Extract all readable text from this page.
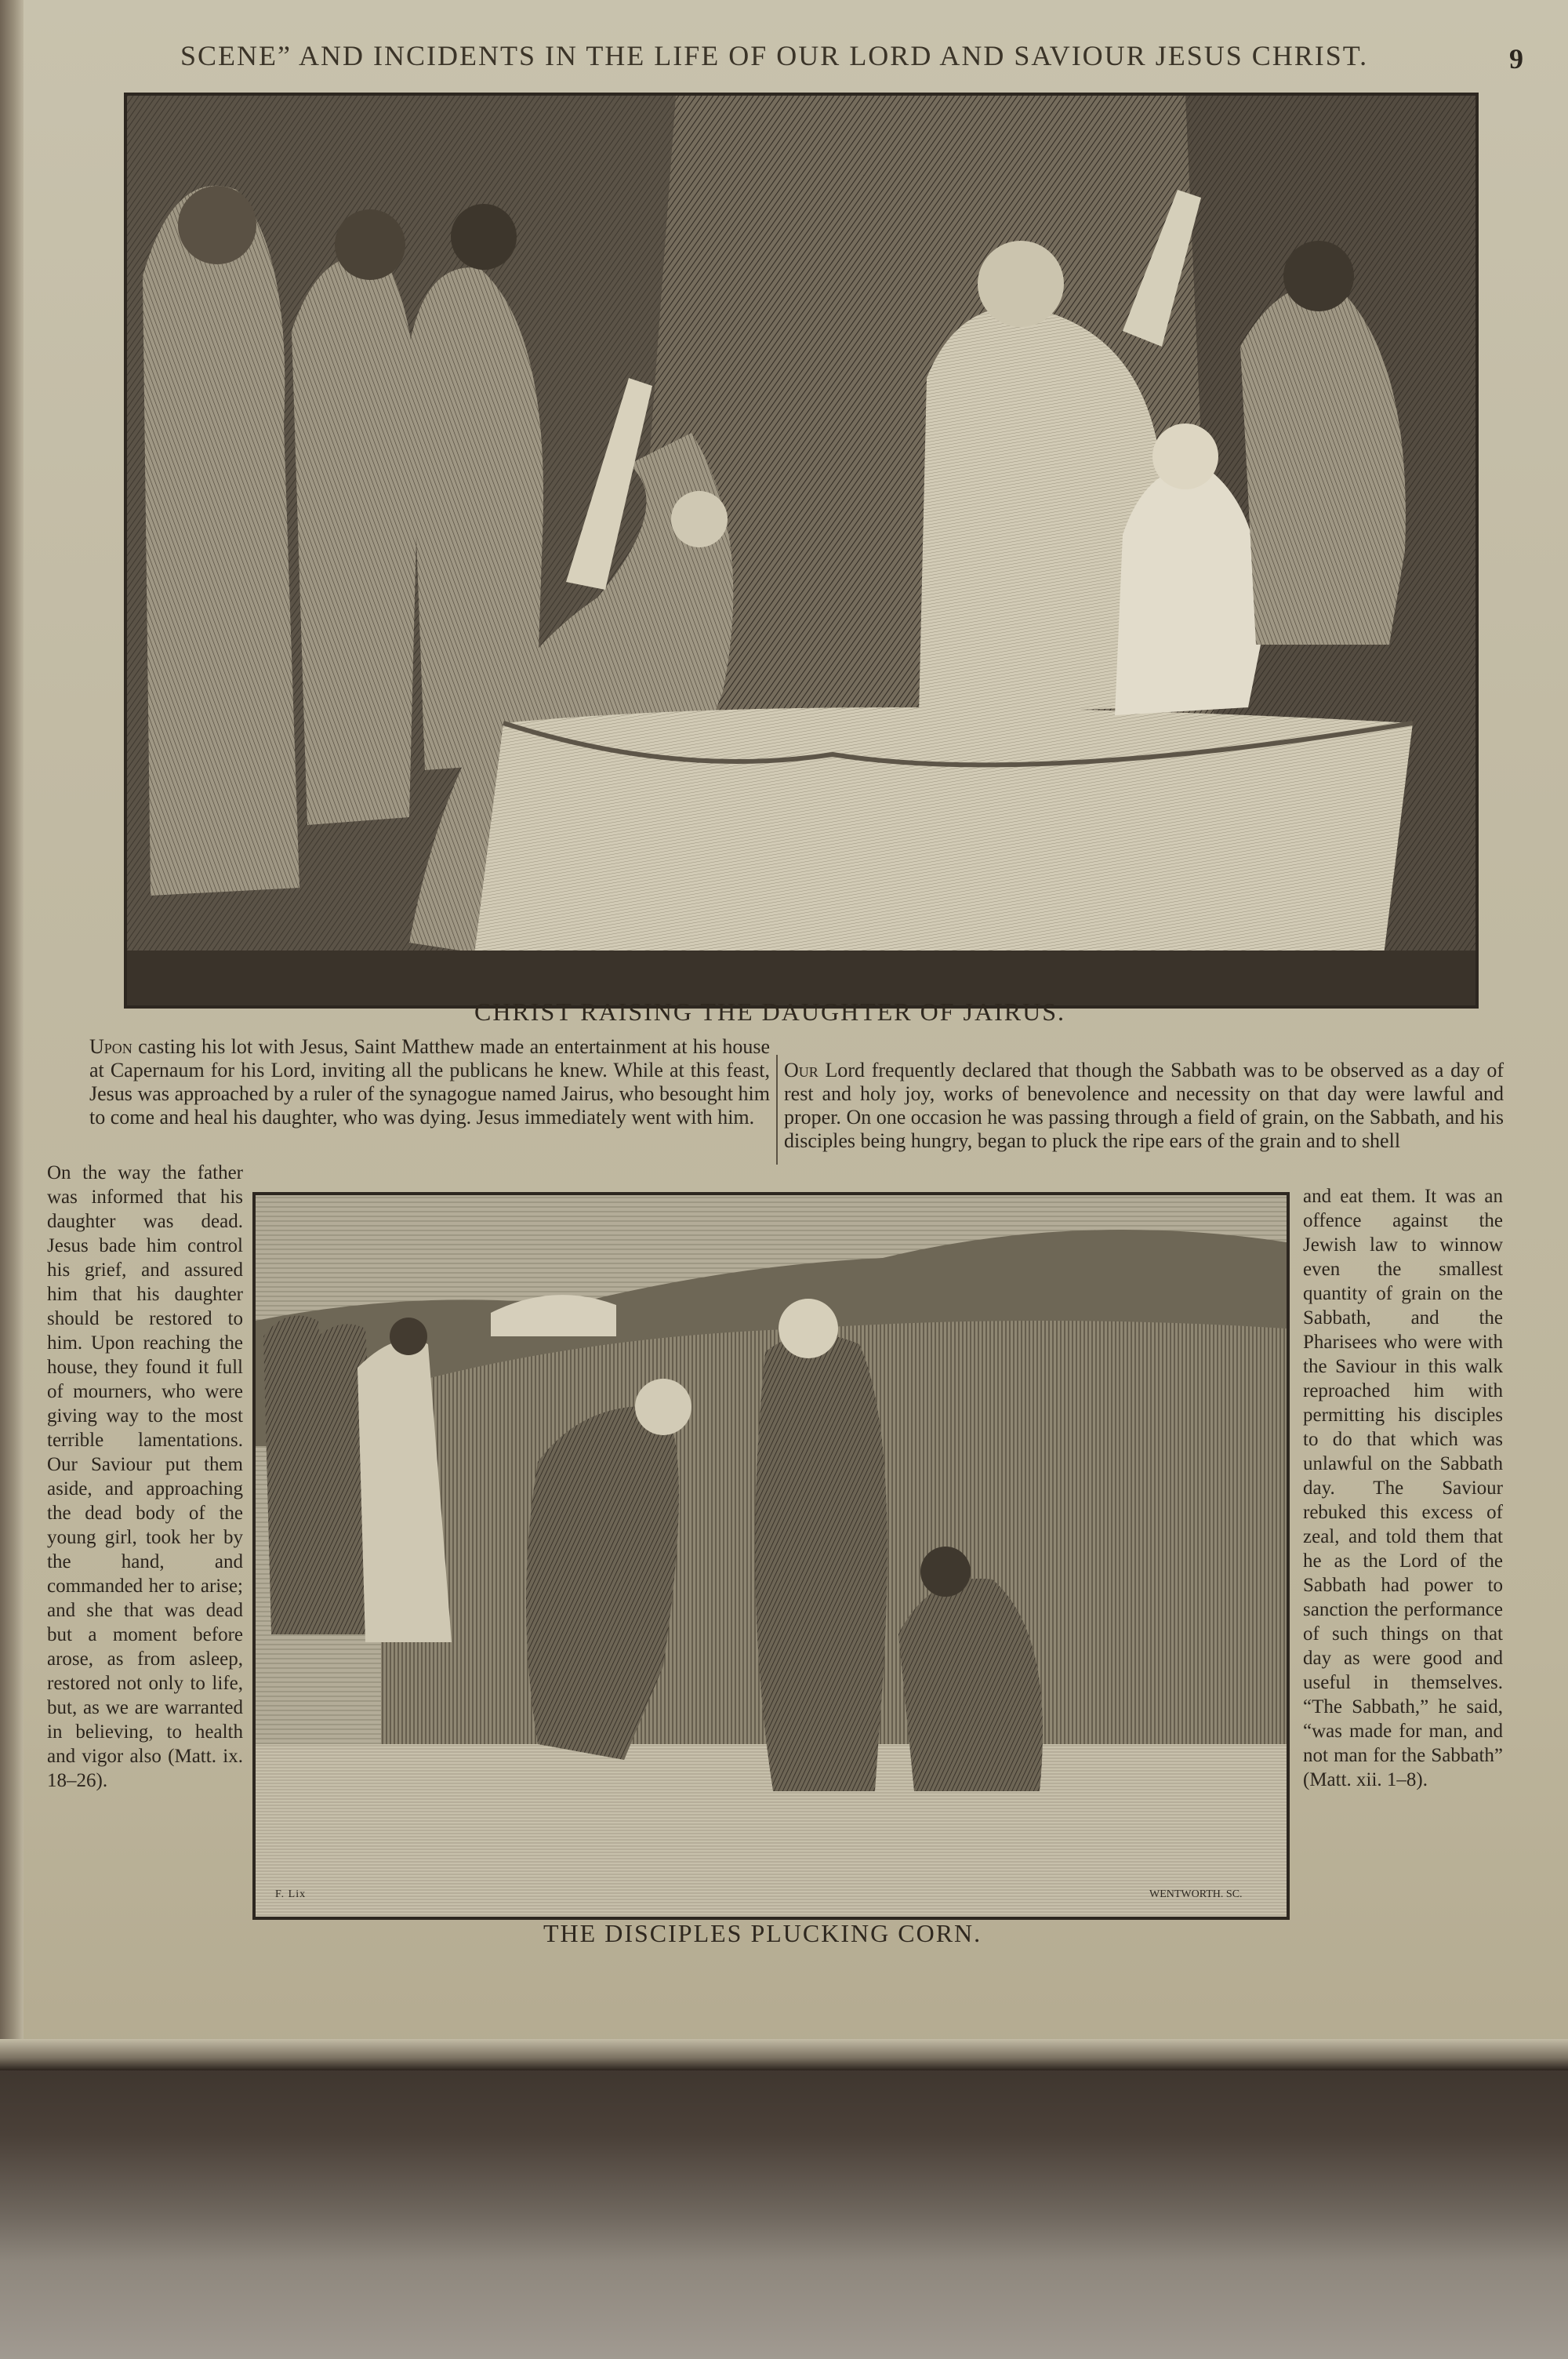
SCENE” AND INCIDENTS IN THE LIFE OF OUR LORD AND SAVIOUR JESUS CHRIST.	9
CHRIST RAISING THE DAUGHTER OF JAIRUS.
Upon casting his lot with Jesus, Saint Matthew made an entertainment at his house at Capernaum for his Lord, inviting all the publicans he knew. While at this feast, Jesus was approached by a ruler of the synagogue named Jairus, who besought him to come and heal his daughter, who was dying. Jesus immediately went with him.
Our Lord frequently declared that though the Sabbath was to be observed as a day of rest and holy joy, works of benevolence and necessity on that day were lawful and proper. On one occasion he was passing through a field of grain, on the Sabbath, and his disciples being hungry, began to pluck the ripe ears of the grain and to shell
On the way the father was informed that his daughter was dead. Jesus bade him control his grief, and assured him that his daughter should be restored to him. Upon reaching the house, they found it full of mourners, who were giving way to the most terrible lamentations. Our Saviour put them aside, and approaching the dead body of the young girl, took her by the hand, and commanded her to arise; and she that was dead but a moment before arose, as from asleep, restored not only to life, but, as we are warranted in believing, to health and vigor also (Matt. ix. 18–26).
F. Lix	WENTWORTH. SC.
THE DISCIPLES PLUCKING CORN.
and eat them. It was an offence against the Jewish law to winnow even the smallest quantity of grain on the Sabbath, and the Pharisees who were with the Saviour in this walk reproached him with permitting his disciples to do that which was unlawful on the Sabbath day. The Saviour rebuked this excess of zeal, and told them that he as the Lord of the Sabbath had power to sanction the performance of such things on that day as were good and useful in themselves. “The Sabbath,” he said, “was made for man, and not man for the Sabbath” (Matt. xii. 1–8).
